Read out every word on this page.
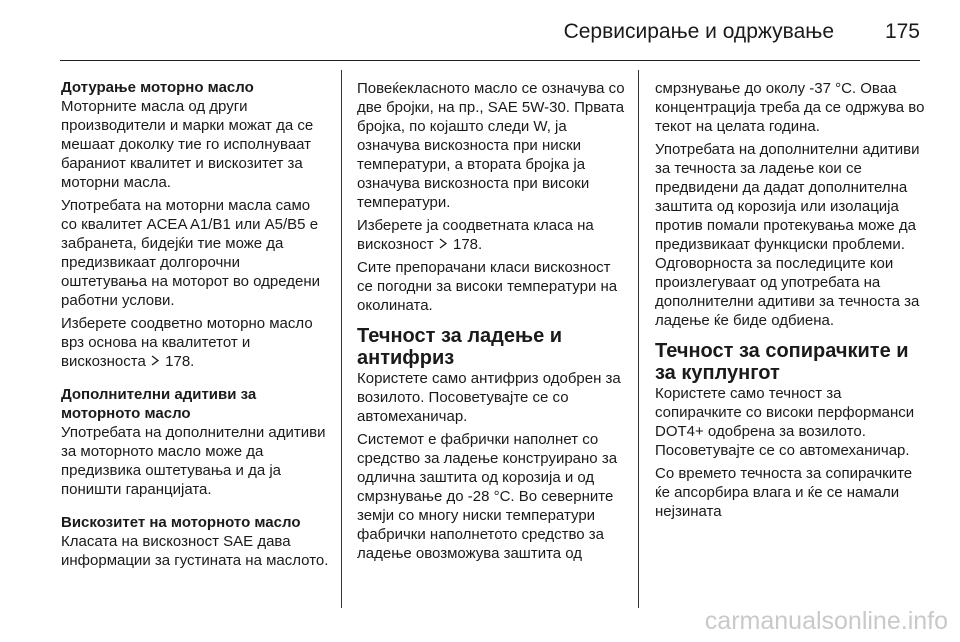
Сервисирање и одржување 175

Дотурање моторно масло

Моторните масла од други производители и марки можат да се мешаат доколку тие го исполнуваат бараниот квалитет и вискозитет за моторни масла.

Употребата на моторни масла само со квалитет ACEA A1/B1 или A5/B5 е забранета, бидејќи тие може да предизвикаат долгорочни оштетувања на моторот во одредени работни услови.

Изберете соодветно моторно масло врз основа на квалитетот и вискозноста 178.

Дополнителни адитиви за моторното масло

Употребата на дополнителни адитиви за моторното масло може да предизвика оштетувања и да ја поништи гаранцијата.

Вискозитет на моторното масло

Класата на вискозност SAE дава информации за густината на маслото.

Повеќекласното масло се означува со две бројки, на пр., SAE 5W-30. Првата бројка, по којашто следи W, ја означува вискозноста при ниски температури, а втората бројка ја означува вискозноста при високи температури.

Изберете ја соодветната класа на вискозност 178.

Сите препорачани класи вискозност се погодни за високи температури на околината.

Течност за ладење и антифриз

Користете само антифриз одобрен за возилото. Посоветувајте се со автомеханичар.

Системот е фабрички наполнет со средство за ладење конструирано за одлична заштита од корозија и од смрзнување до -28 °C. Во северните земји со многу ниски температури фабрички наполнетото средство за ладење овозможува заштита од

смрзнување до околу -37 °C. Оваа концентрација треба да се одржува во текот на целата година.

Употребата на дополнителни адитиви за течноста за ладење кои се предвидени да дадат дополнителна заштита од корозија или изолација против помали протекувања може да предизвикаат функциски проблеми. Одговорноста за последиците кои произлегуваат од употребата на дополнителни адитиви за течноста за ладење ќе биде одбиена.

Течност за сопирачките и за куплунгот

Користете само течност за сопирачките со високи перформанси DOT4+ одобрена за возилото. Посоветувајте се со автомеханичар.

Со времето течноста за сопирачките ќе апсорбира влага и ќе се намали нејзината

carmanualsonline.info
